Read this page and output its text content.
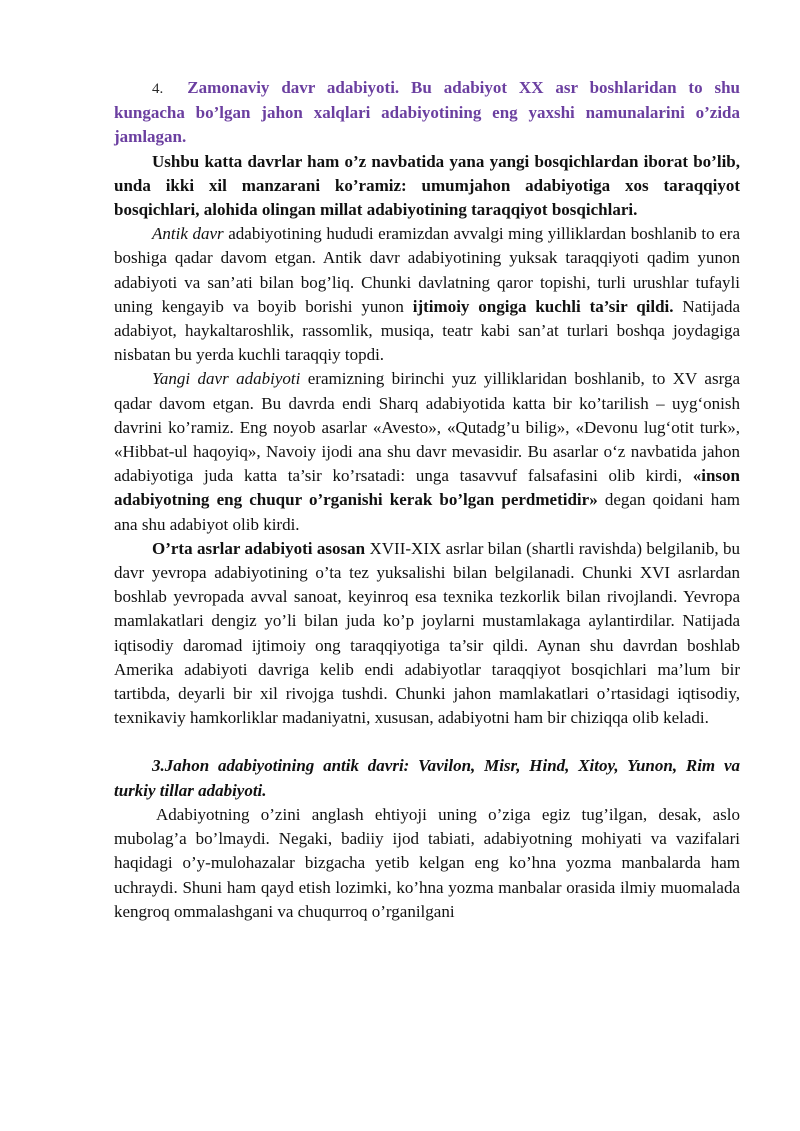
4. Zamonaviy davr adabiyoti. Bu adabiyot XX asr boshlaridan to shu kungacha bo’lgan jahon xalqlari adabiyotining eng yaxshi namunalarini o’zida jamlagan.

Ushbu katta davrlar ham o’z navbatida yana yangi bosqichlardan iborat bo’lib, unda ikki xil manzarani ko’ramiz: umumjahon adabiyotiga xos taraqqiyot bosqichlari, alohida olingan millat adabiyotining taraqqiyot bosqichlari.

Antik davr adabiyotining hududi eramizdan avvalgi ming yilliklardan boshlanib to era boshiga qadar davom etgan. Antik davr adabiyotining yuksak taraqqiyoti qadim yunon adabiyoti va san’ati bilan bog’liq. Chunki davlatning qaror topishi, turli urushlar tufayli uning kengayib va boyib borishi yunon ijtimoiy ongiga kuchli ta’sir qildi. Natijada adabiyot, haykaltaroshlik, rassomlik, musiqa, teatr kabi san’at turlari boshqa joydagiga nisbatan bu yerda kuchli taraqqiy topdi.

Yangi davr adabiyoti eramizning birinchi yuz yilliklaridan boshlanib, to XV asrga qadar davom etgan. Bu davrda endi Sharq adabiyotida katta bir ko’tarilish – uyg‘onish davrini ko’ramiz. Eng noyob asarlar «Avesto», «Qutadg’u bilig», «Devonu lug‘otit turk», «Hibbat-ul haqoyiq», Navoiy ijodi ana shu davr mevasidir. Bu asarlar o‘z navbatida jahon adabiyotiga juda katta ta’sir ko’rsatadi: unga tasavvuf falsafasini olib kirdi, «inson adabiyotning eng chuqur o’rganishi kerak bo’lgan perdmetidir» degan qoidani ham ana shu adabiyot olib kirdi.

O’rta asrlar adabiyoti asosan XVII-XIX asrlar bilan (shartli ravishda) belgilanib, bu davr yevropa adabiyotining o’ta tez yuksalishi bilan belgilanadi. Chunki XVI asrlardan boshlab yevropada avval sanoat, keyinroq esa texnika tezkorlik bilan rivojlandi. Yevropa mamlakatlari dengiz yo’li bilan juda ko’p joylarni mustamlakaga aylantirdilar. Natijada iqtisodiy daromad ijtimoiy ong taraqqiyotiga ta’sir qildi. Aynan shu davrdan boshlab Amerika adabiyoti davriga kelib endi adabiyotlar taraqqiyot bosqichlari ma’lum bir tartibda, deyarli bir xil rivojga tushdi. Chunki jahon mamlakatlari o’rtasidagi iqtisodiy, texnikaviy hamkorliklar madaniyatni, xususan, adabiyotni ham bir chiziqqa olib keladi.

3.Jahon adabiyotining antik davri: Vavilon, Misr, Hind, Xitoy, Yunon, Rim va turkiy tillar adabiyoti.

Adabiyotning o’zini anglash ehtiyoji uning o’ziga egiz tug’ilgan, desak, aslo mubolag’a bo’lmaydi. Negaki, badiiy ijod tabiati, adabiyotning mohiyati va vazifalari haqidagi o’y-mulohazalar bizgacha yetib kelgan eng ko’hna yozma manbalarda ham uchraydi. Shuni ham qayd etish lozimki, ko’hna yozma manbalar orasida ilmiy muomalada kengroq ommalashgani va chuqurroq o’rganilgani
